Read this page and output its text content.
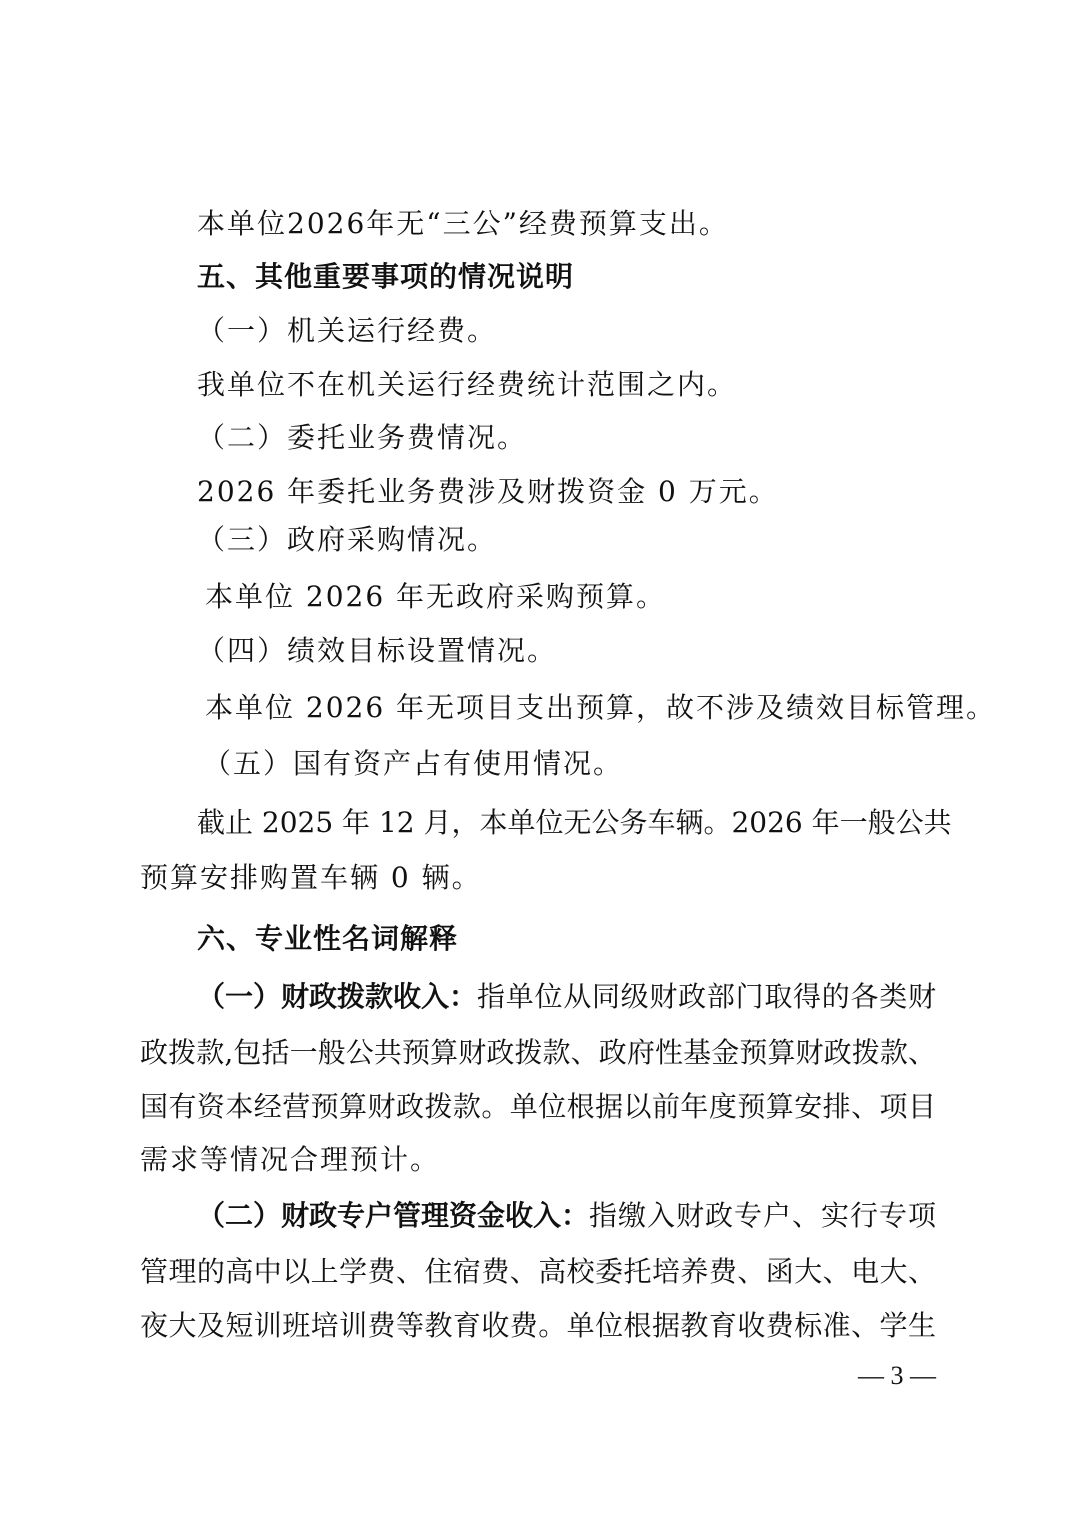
本单位2026年无“三公”经费预算支出。
五、其他重要事项的情况说明
（一）机关运行经费。
我单位不在机关运行经费统计范围之内。
（二）委托业务费情况。
2026 年委托业务费涉及财拨资金 0 万元。
（三）政府采购情况。
本单位 2026 年无政府采购预算。
（四）绩效目标设置情况。
本单位 2026 年无项目支出预算，故不涉及绩效目标管理。
（五）国有资产占有使用情况。
截止 2025 年 12 月，本单位无公务车辆。2026 年一般公共
预算安排购置车辆 0 辆。
六、专业性名词解释
（一）财政拨款收入： 指单位从同级财政部门取得的各类财
政拨款,包括一般公共预算财政拨款、政府性基金预算财政拨款、
国有资本经营预算财政拨款。单位根据以前年度预算安排、项目
需求等情况合理预计。
（二）财政专户管理资金收入： 指缴入财政专户、实行专项
管理的高中以上学费、住宿费、高校委托培养费、函大、电大、
夜大及短训班培训费等教育收费。单位根据教育收费标准、学生
— 3 —
